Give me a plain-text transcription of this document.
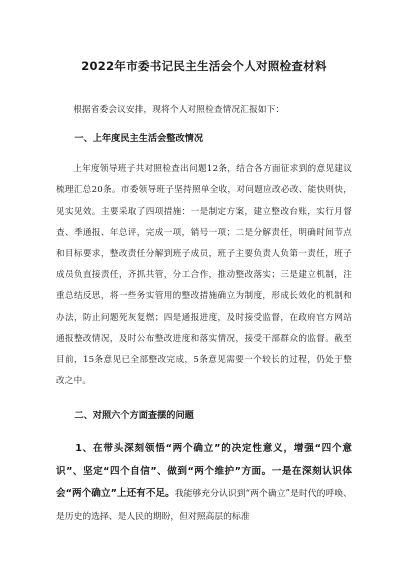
2022年市委书记民主生活会个人对照检查材料

根据省委会议安排，现将个人对照检查情况汇报如下：

一、上年度民主生活会整改情况

上年度领导班子共对照检查出问题12条，结合各方面征求到的意见建议梳理汇总20条。市委领导班子坚持照单全收，对问题应改必改、能快则快，见实见效。主要采取了四项措施：一是制定方案，建立整改台账，实行月督查、季通报、年总评，完成一项，销号一项；二是分解责任，明确时间节点和目标要求，整改责任分解到班子成员，班子主要负责人负第一责任，班子成员负直接责任，齐抓共管，分工合作，推动整改落实；三是建立机制，注重总结反思，将一些务实管用的整改措施确立为制度，形成长效化的机制和办法，防止问题死灰复燃；四是通报进度，及时接受监督，在政府官方网站通报整改情况，及时公布整改进度和落实情况，接受干部群众的监督。截至目前，15条意见已全部整改完成，5条意见需要一个较长的过程，仍处于整改之中。

二、对照六个方面查摆的问题

1、在带头深刻领悟“两个确立”的决定性意义，增强“四个意识”、坚定“四个自信”、做到“两个维护”方面。一是在深刻认识体会“两个确立”上还有不足。我能够充分认识到“两个确立”是时代的呼唤、是历史的选择、是人民的期盼，但对照高层的标准
